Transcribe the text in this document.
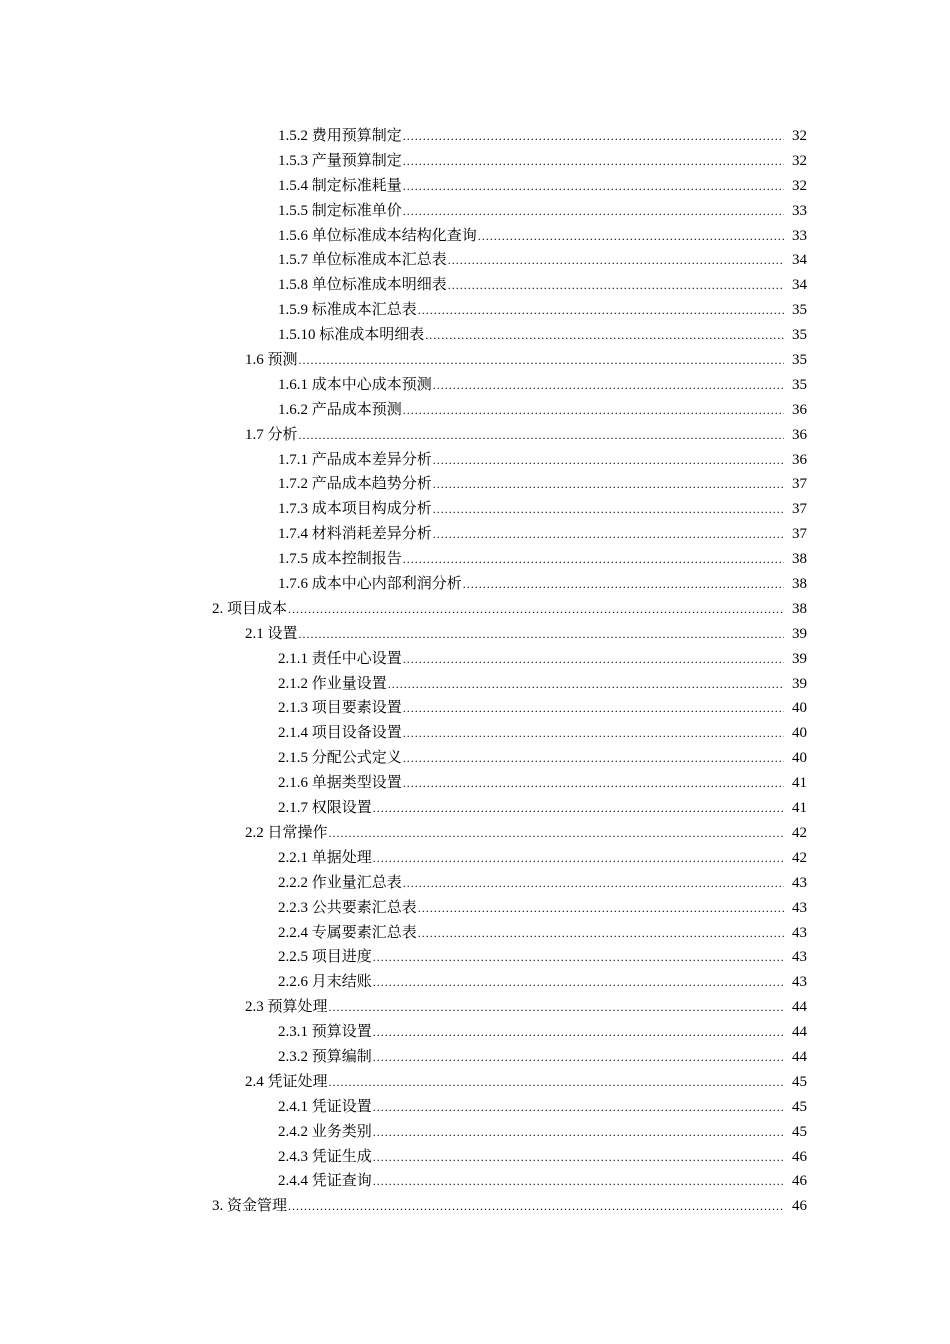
1.5.2 费用预算制定 .....	32
1.5.3 产量预算制定 .....	32
1.5.4 制定标准耗量 .....	32
1.5.5 制定标准单价 .....	33
1.5.6 单位标准成本结构化查询 .....	33
1.5.7 单位标准成本汇总表 .....	34
1.5.8 单位标准成本明细表 .....	34
1.5.9 标准成本汇总表 .....	35
1.5.10 标准成本明细表 .....	35
1.6 预测 .....	35
1.6.1 成本中心成本预测 .....	35
1.6.2 产品成本预测 .....	36
1.7 分析 .....	36
1.7.1 产品成本差异分析 .....	36
1.7.2 产品成本趋势分析 .....	37
1.7.3 成本项目构成分析 .....	37
1.7.4 材料消耗差异分析 .....	37
1.7.5 成本控制报告 .....	38
1.7.6 成本中心内部利润分析 .....	38
2. 项目成本 .....	38
2.1 设置 .....	39
2.1.1 责任中心设置 .....	39
2.1.2 作业量设置 .....	39
2.1.3 项目要素设置 .....	40
2.1.4 项目设备设置 .....	40
2.1.5 分配公式定义 .....	40
2.1.6 单据类型设置 .....	41
2.1.7 权限设置 .....	41
2.2 日常操作 .....	42
2.2.1 单据处理 .....	42
2.2.2 作业量汇总表 .....	43
2.2.3 公共要素汇总表 .....	43
2.2.4 专属要素汇总表 .....	43
2.2.5 项目进度 .....	43
2.2.6 月末结账 .....	43
2.3 预算处理 .....	44
2.3.1 预算设置 .....	44
2.3.2 预算编制 .....	44
2.4 凭证处理 .....	45
2.4.1 凭证设置 .....	45
2.4.2 业务类别 .....	45
2.4.3 凭证生成 .....	46
2.4.4 凭证查询 .....	46
3. 资金管理 .....	46
